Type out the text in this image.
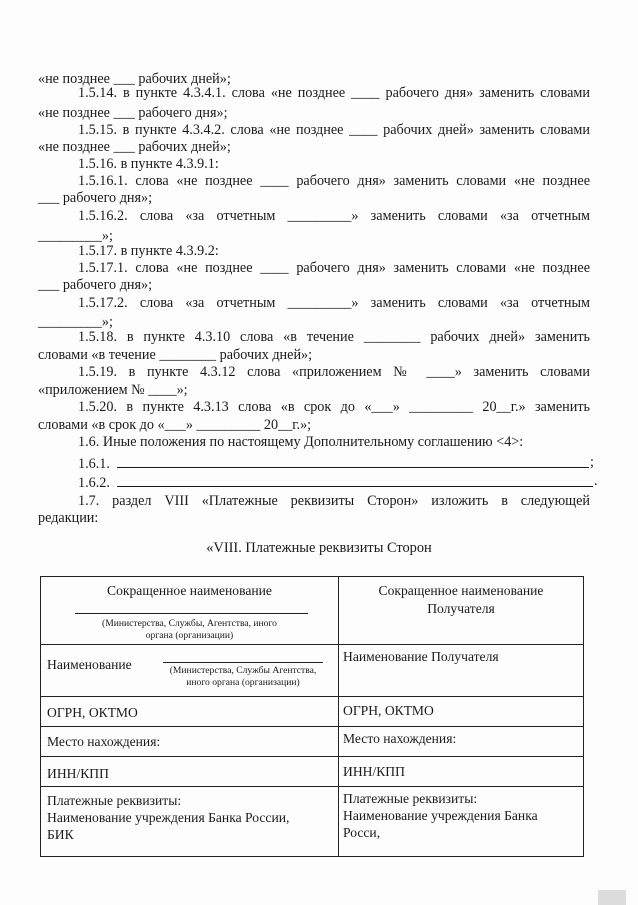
«не позднее ___ рабочих дней»;
1.5.14. в пункте 4.3.4.1. слова «не позднее ____ рабочего дня» заменить словами
«не позднее ___ рабочего дня»;
1.5.15. в пункте 4.3.4.2. слова «не позднее ____ рабочих дней» заменить словами
«не позднее ___ рабочих дней»;
1.5.16. в пункте 4.3.9.1:
1.5.16.1. слова «не позднее ____ рабочего дня» заменить словами «не позднее
___ рабочего дня»;
1.5.16.2. слова «за отчетным _________» заменить словами «за отчетным
_________»;
1.5.17. в пункте 4.3.9.2:
1.5.17.1. слова «не позднее ____ рабочего дня» заменить словами «не позднее
___ рабочего дня»;
1.5.17.2. слова «за отчетным _________» заменить словами «за отчетным
_________»;
1.5.18. в пункте 4.3.10 слова «в течение ________ рабочих дней» заменить
словами «в течение ________ рабочих дней»;
1.5.19. в пункте 4.3.12 слова «приложением № ____» заменить словами
«приложением № ____»;
1.5.20. в пункте 4.3.13 слова «в срок до «___» _________ 20__г.» заменить
словами «в срок до «___» _________ 20__г.»;
1.6. Иные положения по настоящему Дополнительному соглашению <4>:
1.6.1.	;
1.6.2.	.
1.7. раздел VIII «Платежные реквизиты Сторон» изложить в следующей
редакции:
«VIII. Платежные реквизиты Сторон
Сокращенное наименование
(Министерства, Службы, Агентства, иного органа (организации)	Сокращенное наименование Получателя

Наименование (Министерства, Службы Агентства, иного органа (организации)	Наименование Получателя

ОГРН, ОКТМО	ОГРН, ОКТМО

Место нахождения:	Место нахождения:

ИНН/КПП	ИНН/КПП

Платежные реквизиты:
Наименование учреждения Банка России,
БИК	Платежные реквизиты:
Наименование учреждения Банка
Росси,
